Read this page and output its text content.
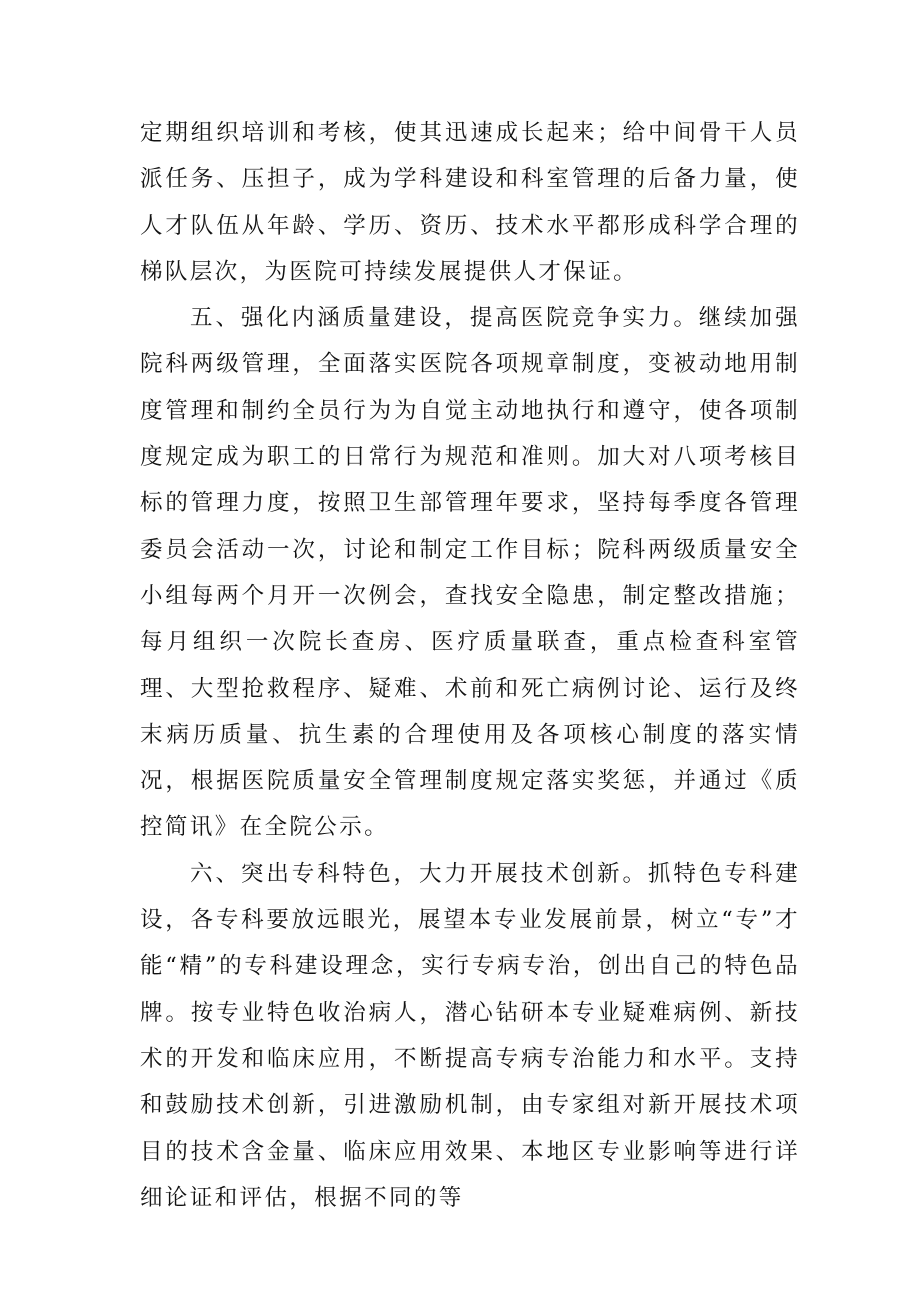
定期组织培训和考核，使其迅速成长起来；给中间骨干人员派任务、压担子，成为学科建设和科室管理的后备力量，使人才队伍从年龄、学历、资历、技术水平都形成科学合理的梯队层次，为医院可持续发展提供人才保证。

五、强化内涵质量建设，提高医院竞争实力。继续加强院科两级管理，全面落实医院各项规章制度，变被动地用制度管理和制约全员行为为自觉主动地执行和遵守，使各项制度规定成为职工的日常行为规范和准则。加大对八项考核目标的管理力度，按照卫生部管理年要求，坚持每季度各管理委员会活动一次，讨论和制定工作目标；院科两级质量安全小组每两个月开一次例会，查找安全隐患，制定整改措施；每月组织一次院长查房、医疗质量联查，重点检查科室管理、大型抢救程序、疑难、术前和死亡病例讨论、运行及终末病历质量、抗生素的合理使用及各项核心制度的落实情况，根据医院质量安全管理制度规定落实奖惩，并通过《质控简讯》在全院公示。

六、突出专科特色，大力开展技术创新。抓特色专科建设，各专科要放远眼光，展望本专业发展前景，树立“专”才能“精”的专科建设理念，实行专病专治，创出自己的特色品牌。按专业特色收治病人，潜心钻研本专业疑难病例、新技术的开发和临床应用，不断提高专病专治能力和水平。支持和鼓励技术创新，引进激励机制，由专家组对新开展技术项目的技术含金量、临床应用效果、本地区专业影响等进行详细论证和评估，根据不同的等
